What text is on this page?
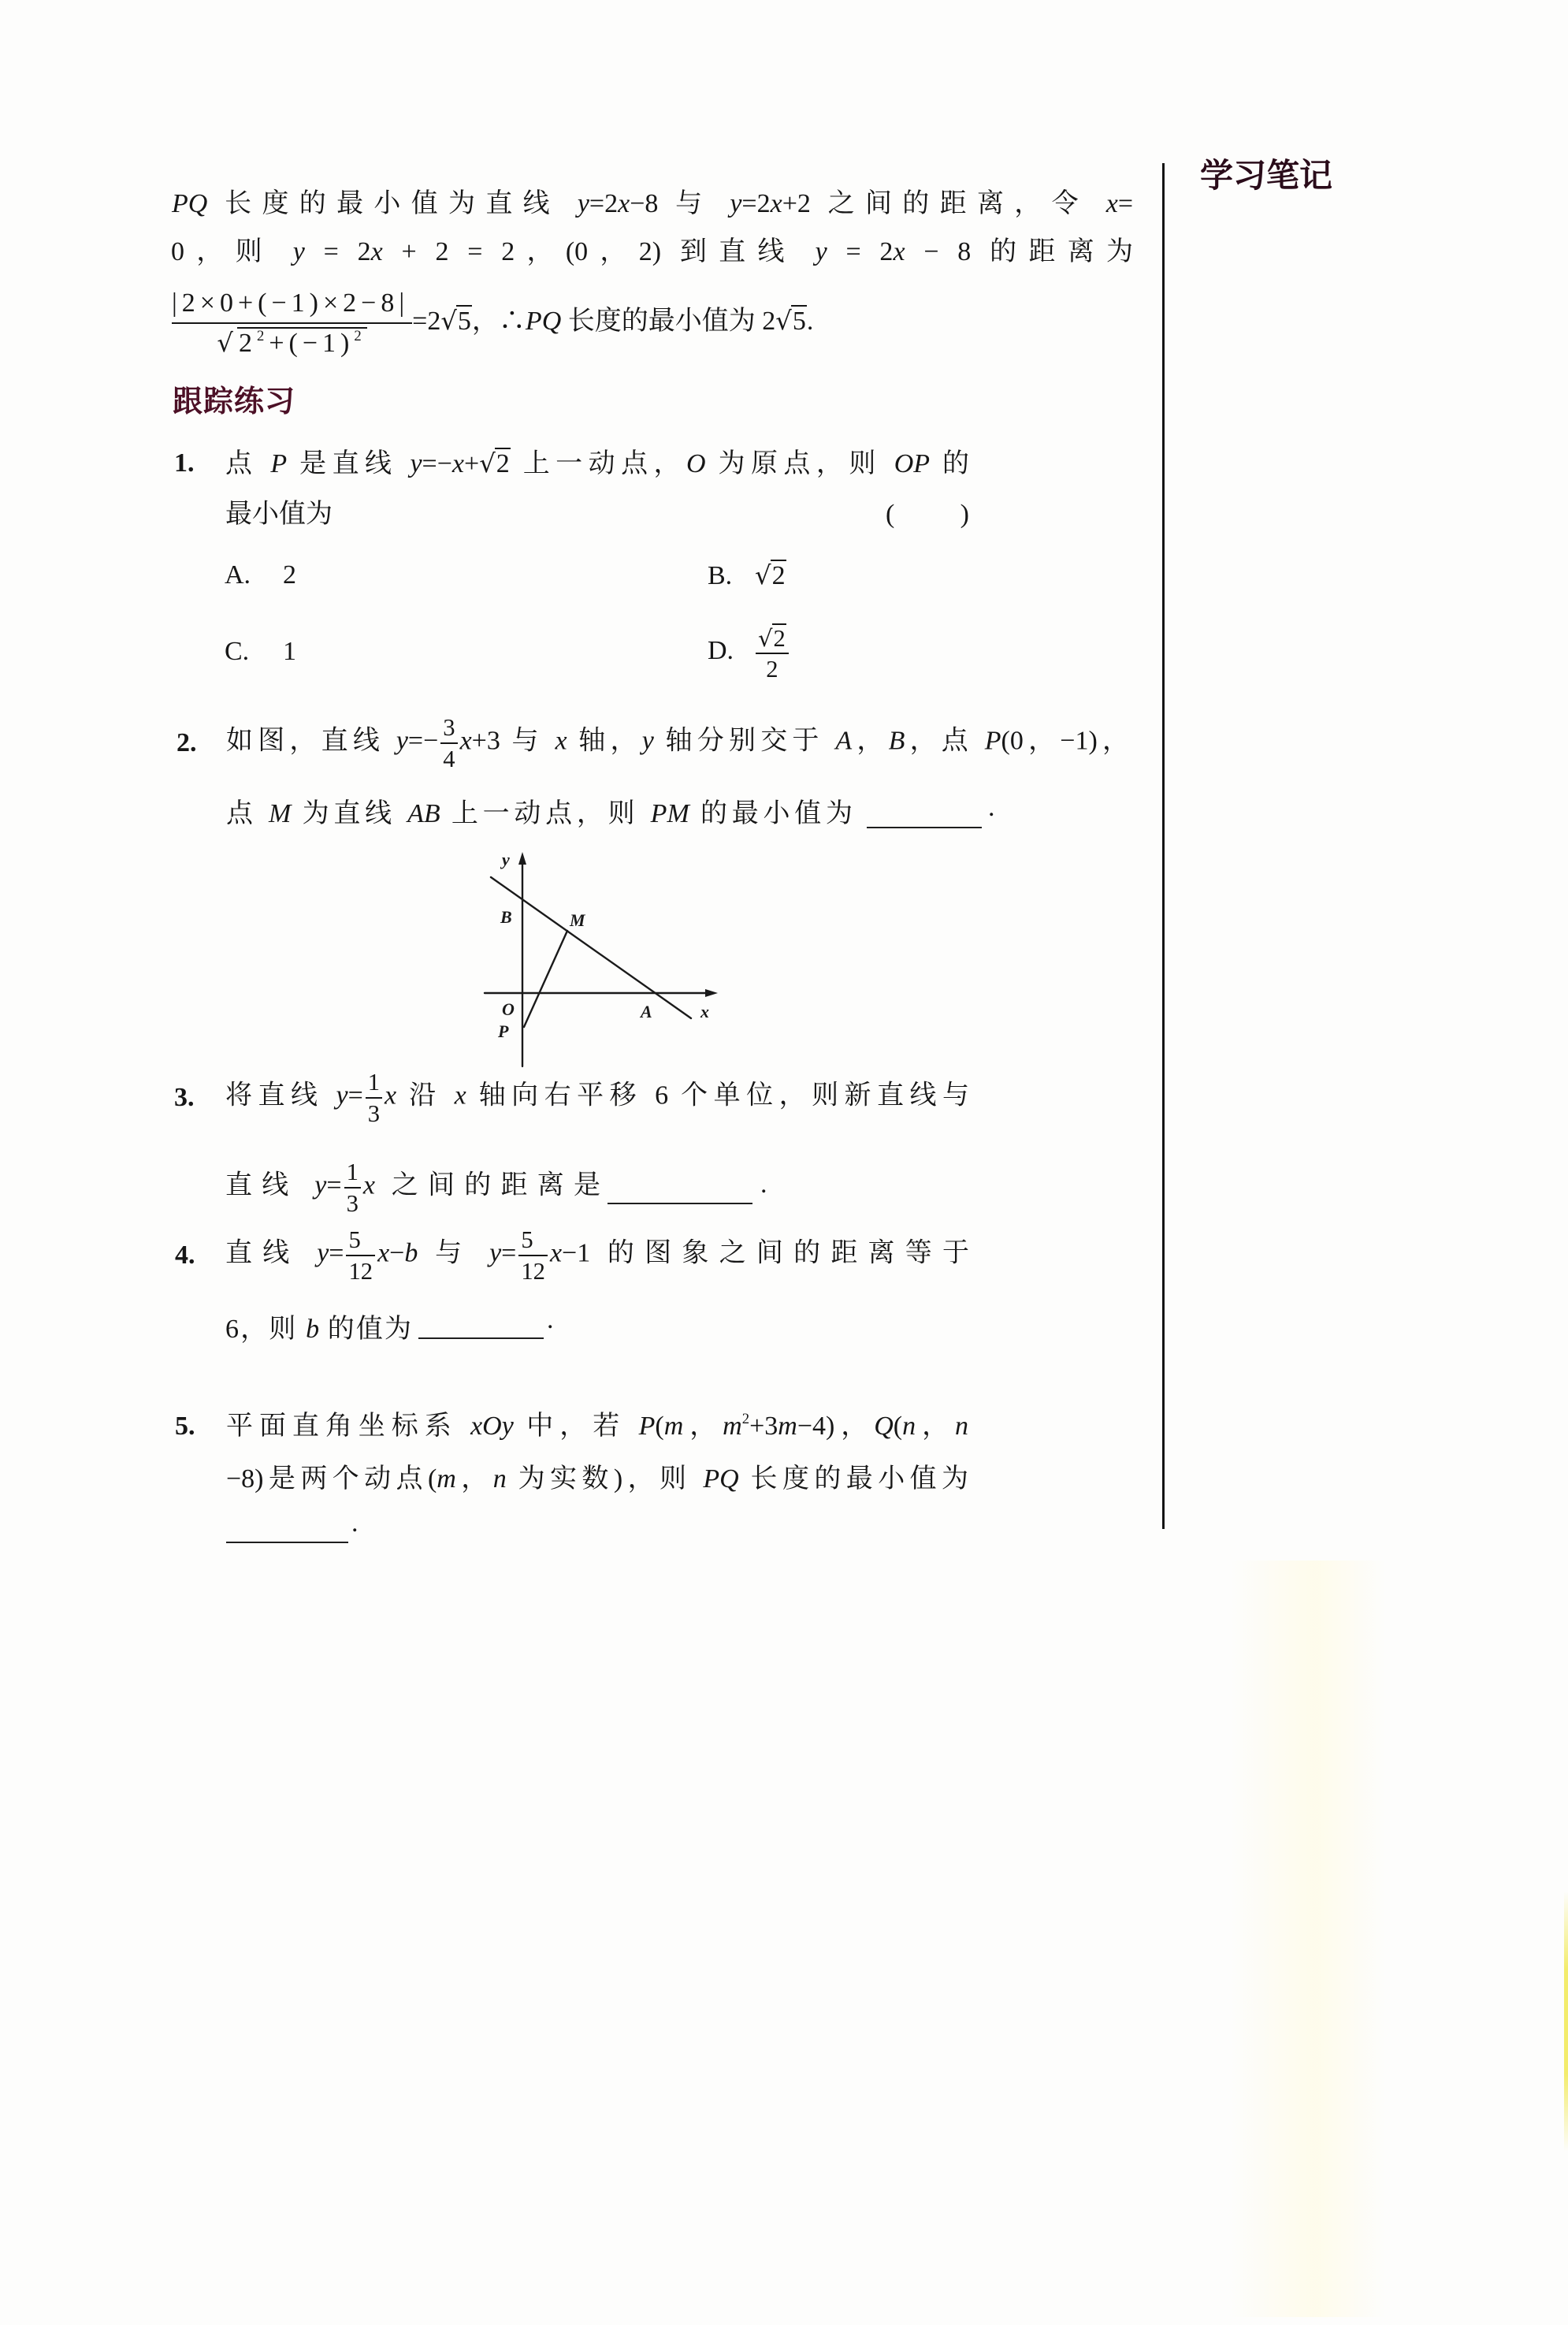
学习笔记
PQ 长度的最小值为直线 y=2x−8 与 y=2x+2 之间的距离，令 x=
0，则 y = 2x + 2 = 2，(0，2) 到直线 y = 2x − 8 的距离为
$\frac{|2\times 0+(-1)\times 2-8|}{√2^2+(-1)^2} =2√5$，∴PQ 长度的最小值为 2√5.
跟踪练习
1. 点 P 是直线 y=−x+√2 上一动点，O 为原点，则 OP 的
最小值为	( )
A. 2	B. √2
C. 1	D. $\frac{√2}{2}$
2. 如图，直线 $y=- \frac{3}{4} x+3$ 与 x 轴，y 轴分别交于 A，B，点 P(0，−1)，
点 M 为直线 AB 上一动点，则 PM 的最小值为	.
y
x
B	M
O
P
A
3. 将直线 $y= \frac{1}{3}$ x 沿 x 轴向右平移 6 个单位，则新直线与
直线 $y= \frac{1}{3}$ x 之间的距离是	.
4. 直线 $y= \frac{5}{12} x-b$ 与 $y= \frac{5}{12} x-1$ 的图象之间的距离等于
6，则 b 的值为	.
5. 平面直角坐标系 xOy 中，若 P(m，$m^2+3m-4$)，Q(n，n
−8)是两个动点(m，n 为实数)，则 PQ 长度的最小值为
.
